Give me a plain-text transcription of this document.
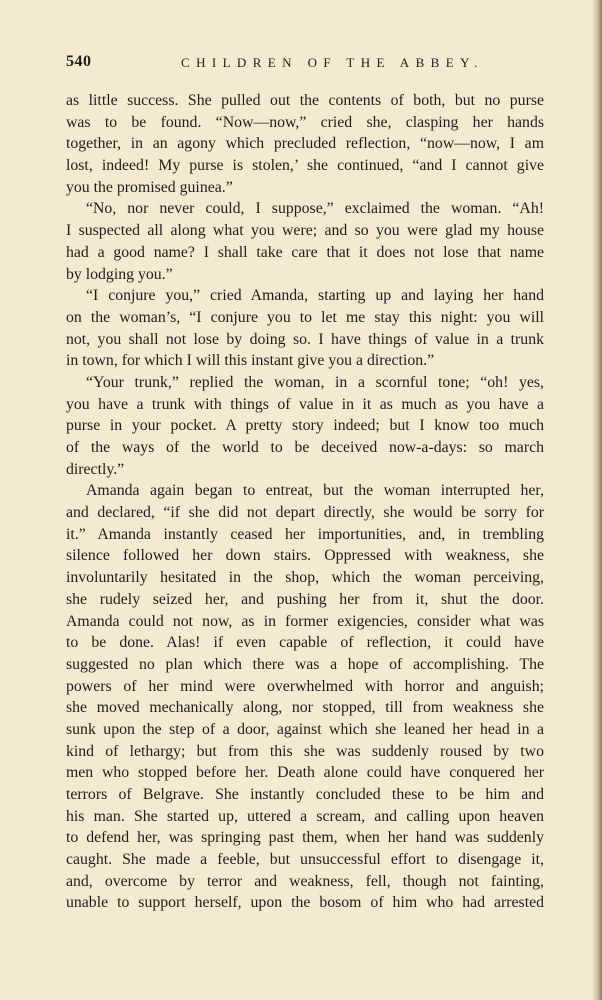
540	CHILDREN OF THE ABBEY.
as little success. She pulled out the contents of both, but no purse
was to be found. “Now—now,” cried she, clasping her hands
together, in an agony which precluded reflection, “now—now, I am
lost, indeed! My purse is stolen,’ she continued, “and I cannot give
you the promised guinea.”
“No, nor never could, I suppose,” exclaimed the woman. “Ah!
I suspected all along what you were; and so you were glad my house
had a good name? I shall take care that it does not lose that name
by lodging you.”
“I conjure you,” cried Amanda, starting up and laying her hand
on the woman’s, “I conjure you to let me stay this night: you will
not, you shall not lose by doing so. I have things of value in a trunk
in town, for which I will this instant give you a direction.”
“Your trunk,” replied the woman, in a scornful tone; “oh! yes,
you have a trunk with things of value in it as much as you have a
purse in your pocket. A pretty story indeed; but I know too much
of the ways of the world to be deceived now-a-days: so march
directly.”
Amanda again began to entreat, but the woman interrupted her,
and declared, “if she did not depart directly, she would be sorry for
it.” Amanda instantly ceased her importunities, and, in trembling
silence followed her down stairs. Oppressed with weakness, she
involuntarily hesitated in the shop, which the woman perceiving,
she rudely seized her, and pushing her from it, shut the door.
Amanda could not now, as in former exigencies, consider what was
to be done. Alas! if even capable of reflection, it could have
suggested no plan which there was a hope of accomplishing. The
powers of her mind were overwhelmed with horror and anguish;
she moved mechanically along, nor stopped, till from weakness she
sunk upon the step of a door, against which she leaned her head in a
kind of lethargy; but from this she was suddenly roused by two
men who stopped before her. Death alone could have conquered her
terrors of Belgrave. She instantly concluded these to be him and
his man. She started up, uttered a scream, and calling upon heaven
to defend her, was springing past them, when her hand was suddenly
caught. She made a feeble, but unsuccessful effort to disengage it,
and, overcome by terror and weakness, fell, though not fainting,
unable to support herself, upon the bosom of him who had arrested
